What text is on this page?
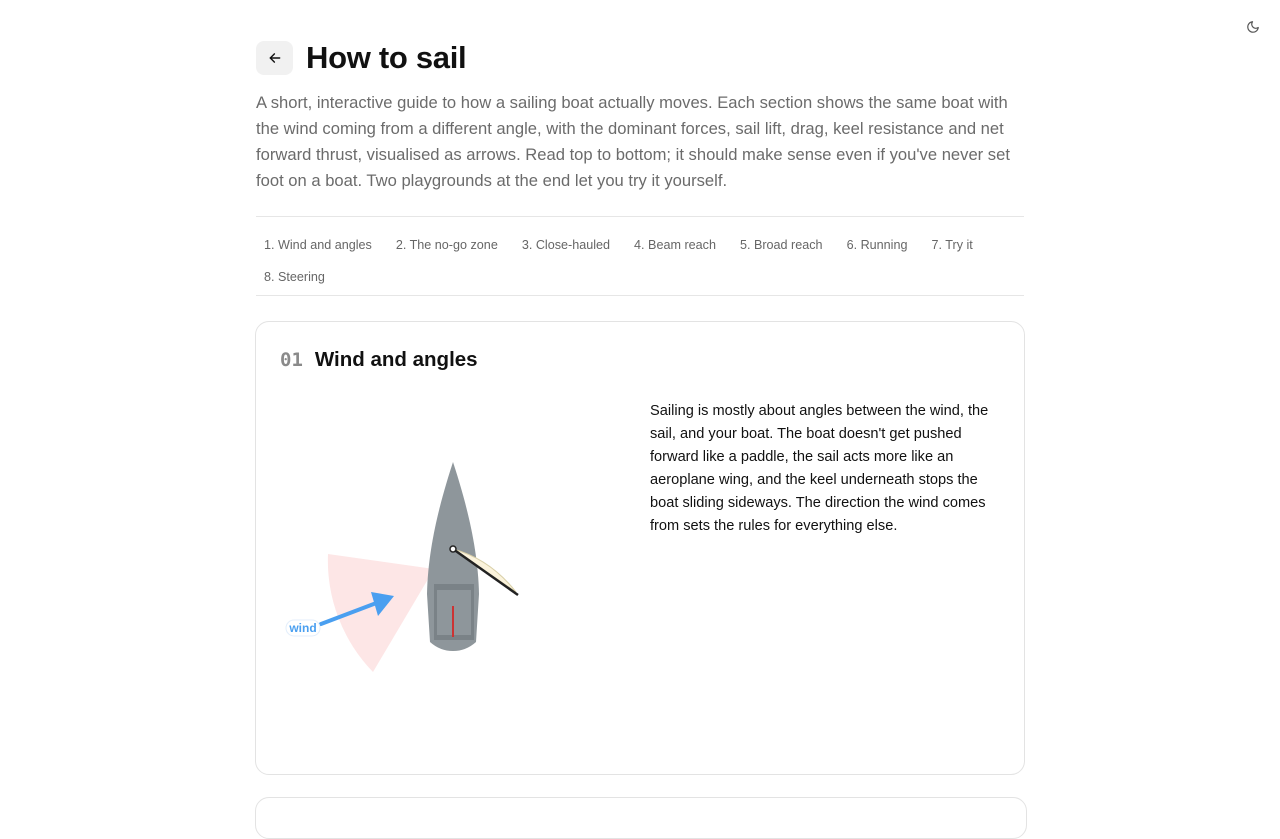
How to sail

A short, interactive guide to how a sailing boat actually moves. Each section shows the same boat with the wind coming from a different angle, with the dominant forces, sail lift, drag, keel resistance and net forward thrust, visualised as arrows. Read top to bottom; it should make sense even if you've never set foot on a boat. Two playgrounds at the end let you try it yourself.

1. Wind and angles	2. The no-go zone	3. Close-hauled	4. Beam reach	5. Broad reach	6. Running	7. Try it
8. Steering
01 Wind and angles
wind
Sailing is mostly about angles between the wind, the sail, and your boat. The boat doesn't get pushed forward like a paddle, the sail acts more like an aeroplane wing, and the keel underneath stops the boat sliding sideways. The direction the wind comes from sets the rules for everything else.
